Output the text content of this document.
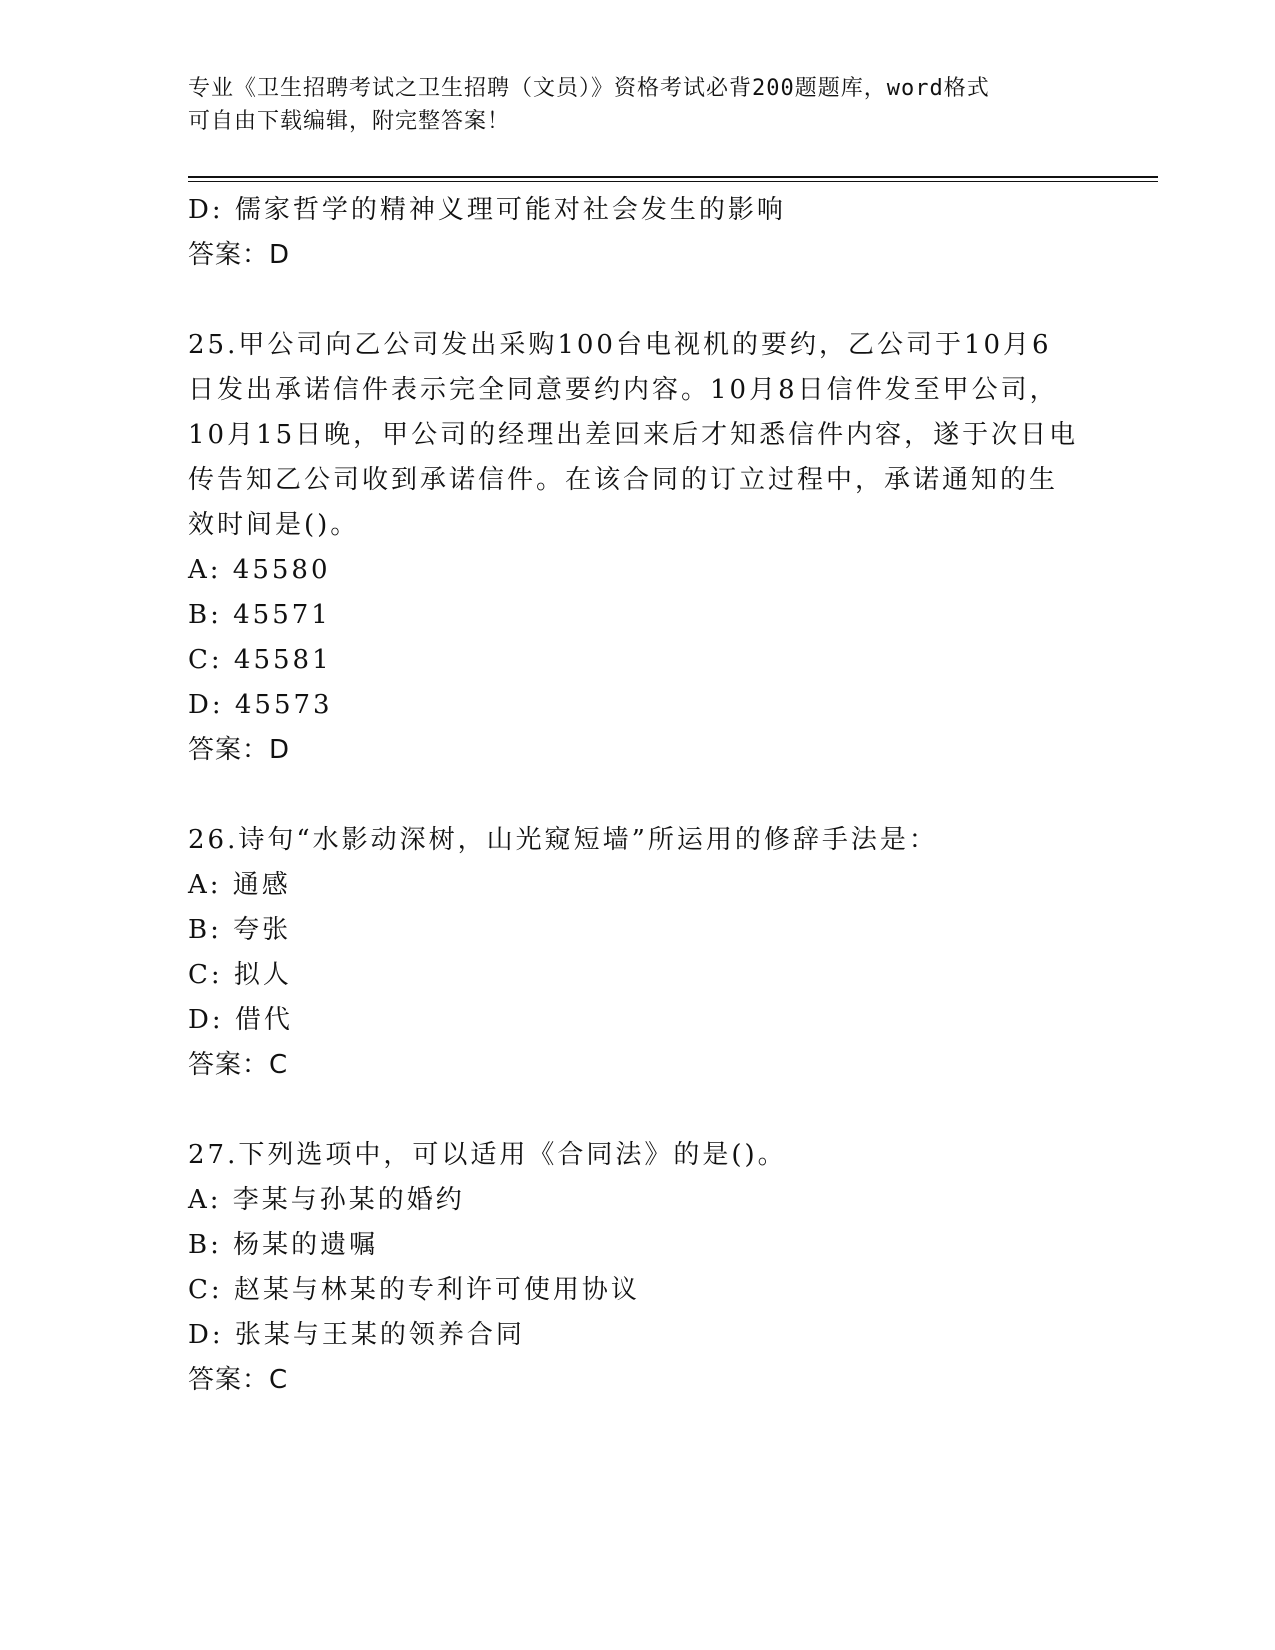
专业《卫生招聘考试之卫生招聘（文员）》资格考试必背200题题库，word格式
可自由下载编辑，附完整答案！
D: 儒家哲学的精神义理可能对社会发生的影响
答案：D
25.甲公司向乙公司发出采购100台电视机的要约，乙公司于10月6
日发出承诺信件表示完全同意要约内容。10月8日信件发至甲公司，
10月15日晚，甲公司的经理出差回来后才知悉信件内容，遂于次日电
传告知乙公司收到承诺信件。在该合同的订立过程中，承诺通知的生
效时间是()。
A: 45580
B: 45571
C: 45581
D: 45573
答案：D
26.诗句“水影动深树，山光窥短墙”所运用的修辞手法是：
A: 通感
B: 夸张
C: 拟人
D: 借代
答案：C
27.下列选项中，可以适用《合同法》的是()。
A: 李某与孙某的婚约
B: 杨某的遗嘱
C: 赵某与林某的专利许可使用协议
D: 张某与王某的领养合同
答案：C
